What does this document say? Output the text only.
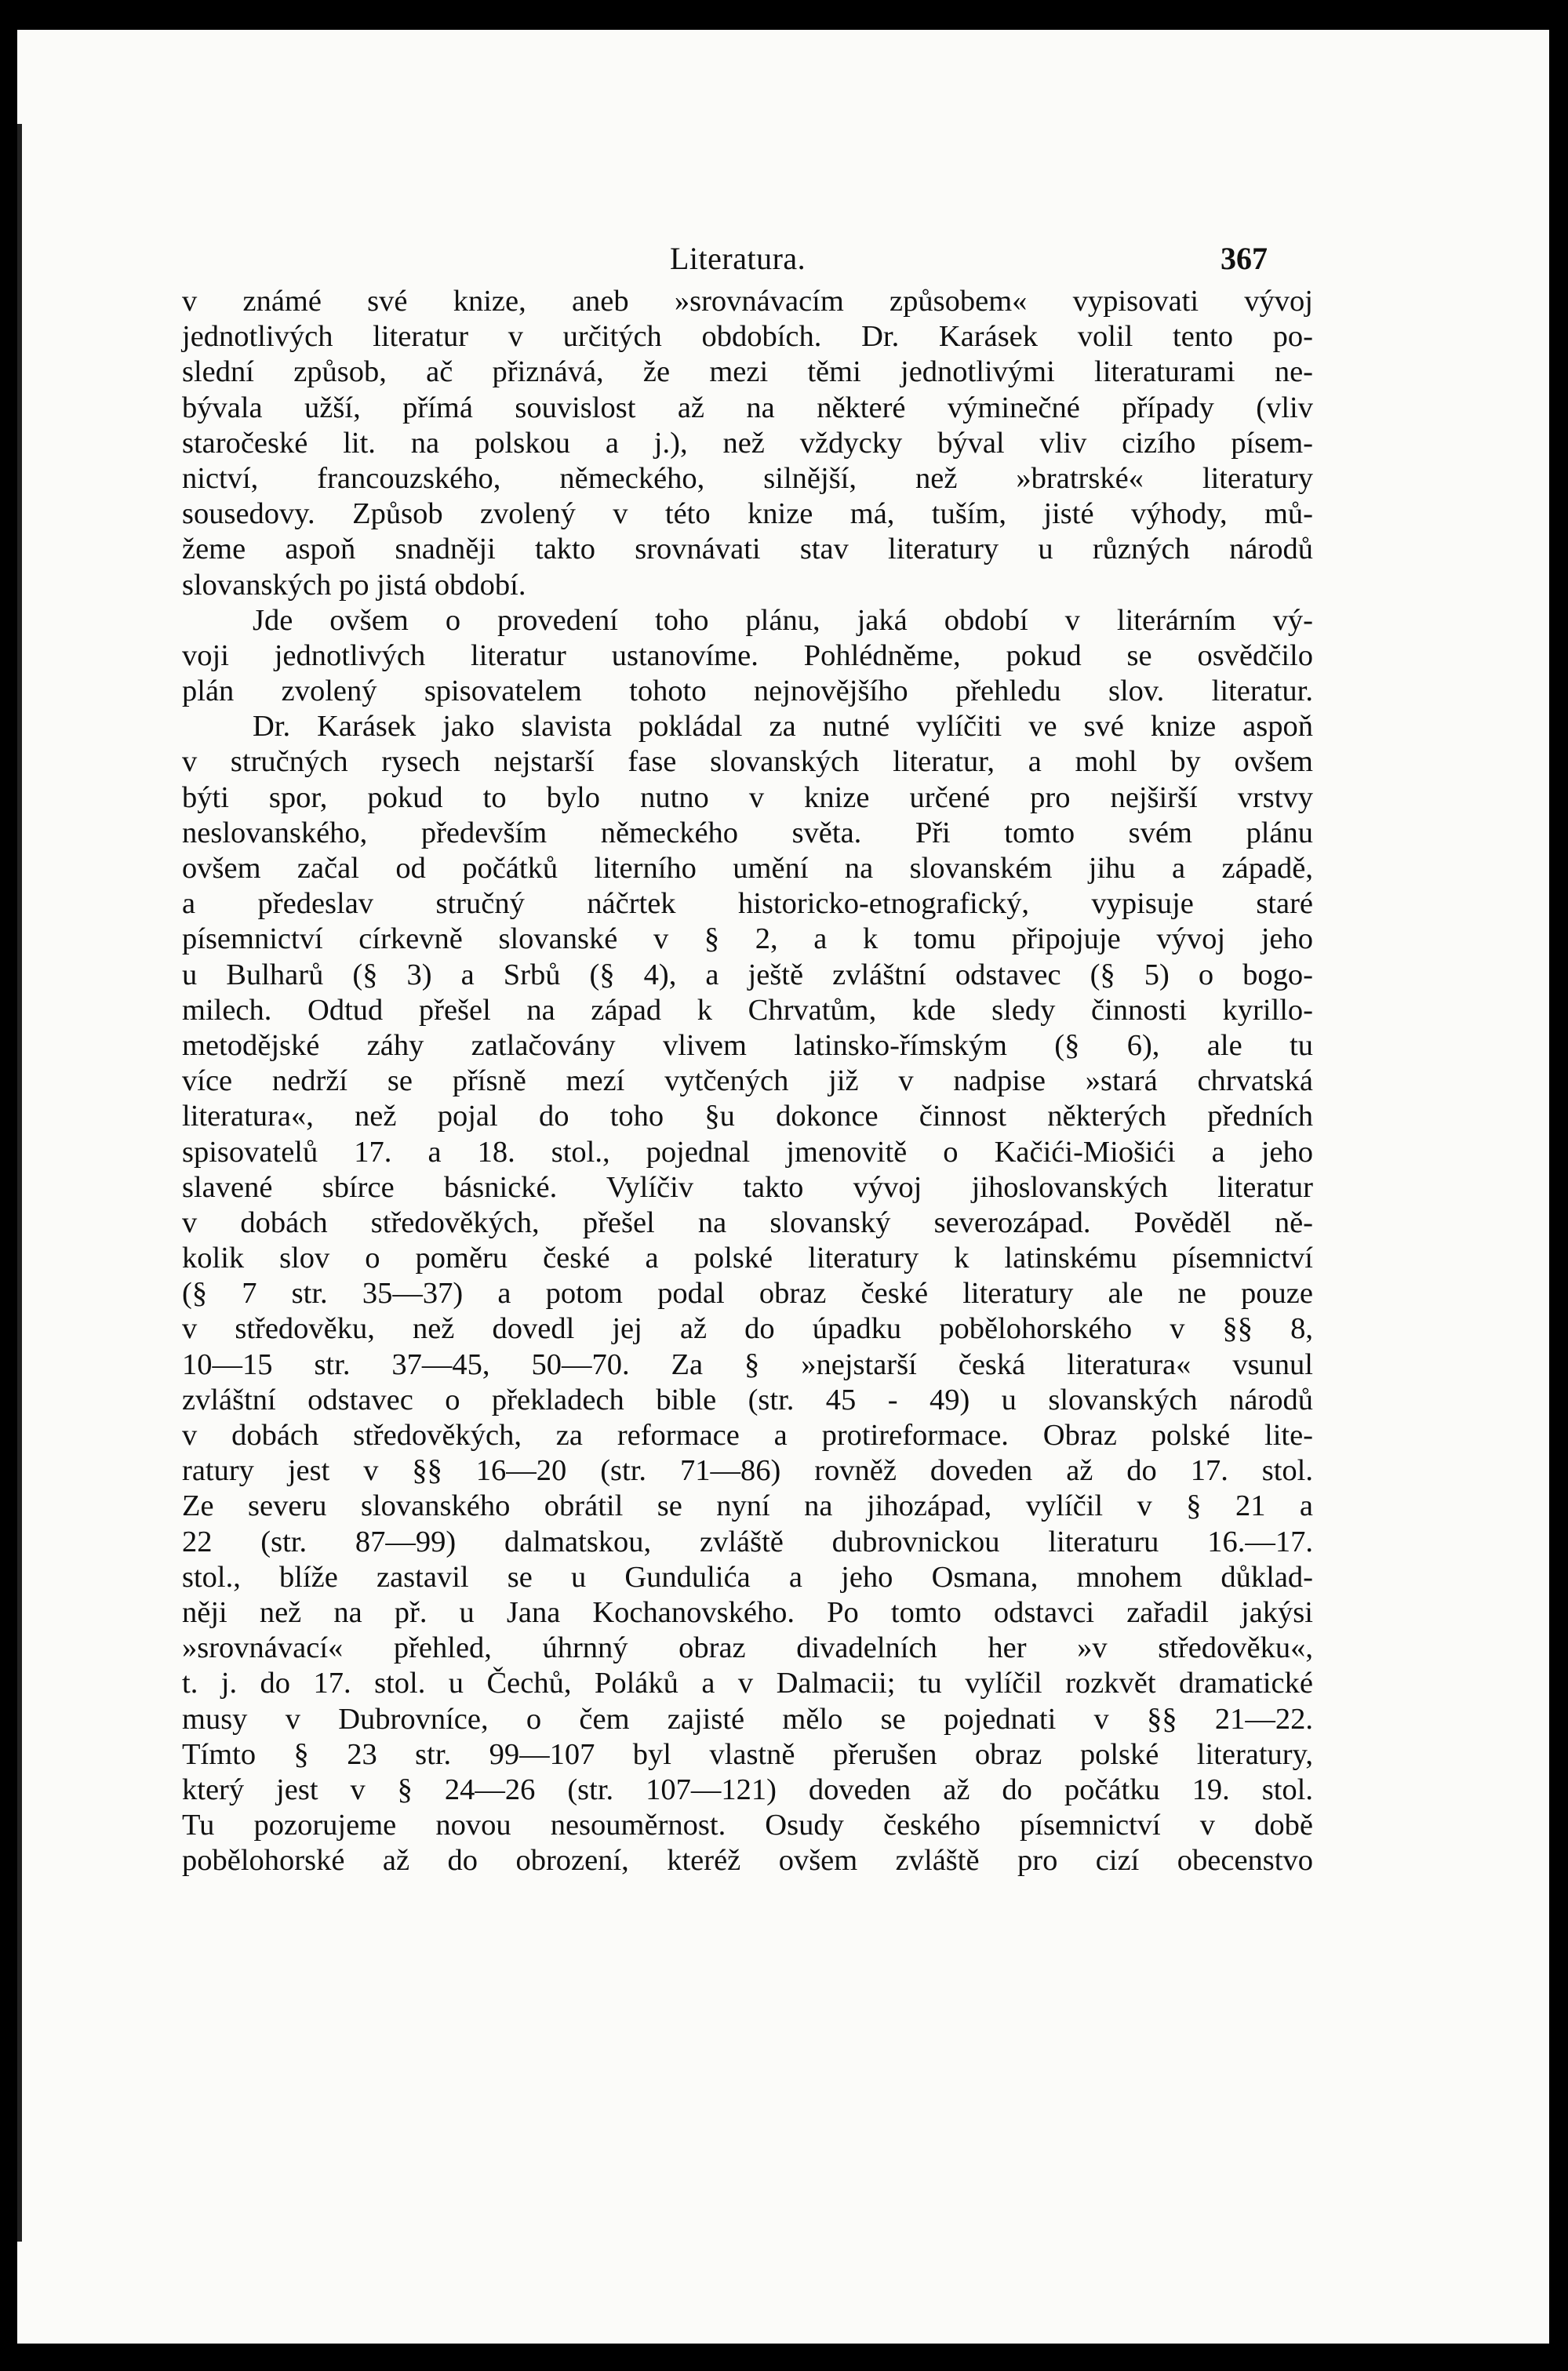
Literatura.	367
v známé své knize, aneb »srovnávacím způsobem« vypisovati vývoj
jednotlivých literatur v určitých obdobích. Dr. Karásek volil tento po-
slední způsob, ač přiznává, že mezi těmi jednotlivými literaturami ne-
bývala užší, přímá souvislost až na některé výminečné případy (vliv
staročeské lit. na polskou a j.), než vždycky býval vliv cizího písem-
nictví, francouzského, německého, silnější, než »bratrské« literatury
sousedovy. Způsob zvolený v této knize má, tuším, jisté výhody, mů-
žeme aspoň snadněji takto srovnávati stav literatury u různých národů
slovanských po jistá období.
Jde ovšem o provedení toho plánu, jaká období v literárním vý-
voji jednotlivých literatur ustanovíme. Pohlédněme, pokud se osvědčilo
plán zvolený spisovatelem tohoto nejnovějšího přehledu slov. literatur.
Dr. Karásek jako slavista pokládal za nutné vylíčiti ve své knize aspoň
v stručných rysech nejstarší fase slovanských literatur, a mohl by ovšem
býti spor, pokud to bylo nutno v knize určené pro nejširší vrstvy
neslovanského, především německého světa. Při tomto svém plánu
ovšem začal od počátků literního umění na slovanském jihu a západě,
a předeslav stručný náčrtek historicko-etnografický, vypisuje staré
písemnictví církevně slovanské v § 2, a k tomu připojuje vývoj jeho
u Bulharů (§ 3) a Srbů (§ 4), a ještě zvláštní odstavec (§ 5) o bogo-
milech. Odtud přešel na západ k Chrvatům, kde sledy činnosti kyrillo-
metodějské záhy zatlačovány vlivem latinsko-římským (§ 6), ale tu
více nedrží se přísně mezí vytčených již v nadpise »stará chrvatská
literatura«, než pojal do toho §u dokonce činnost některých předních
spisovatelů 17. a 18. stol., pojednal jmenovitě o Kačići-Miošići a jeho
slavené sbírce básnické. Vylíčiv takto vývoj jihoslovanských literatur
v dobách středověkých, přešel na slovanský severozápad. Pověděl ně-
kolik slov o poměru české a polské literatury k latinskému písemnictví
(§ 7 str. 35—37) a potom podal obraz české literatury ale ne pouze
v středověku, než dovedl jej až do úpadku pobělohorského v §§ 8,
10—15 str. 37—45, 50—70. Za § »nejstarší česká literatura« vsunul
zvláštní odstavec o překladech bible (str. 45 - 49) u slovanských národů
v dobách středověkých, za reformace a protireformace. Obraz polské lite-
ratury jest v §§ 16—20 (str. 71—86) rovněž doveden až do 17. stol.
Ze severu slovanského obrátil se nyní na jihozápad, vylíčil v § 21 a
22 (str. 87—99) dalmatskou, zvláště dubrovnickou literaturu 16.—17.
stol., blíže zastavil se u Gundulića a jeho Osmana, mnohem důklad-
něji než na př. u Jana Kochanovského. Po tomto odstavci zařadil jakýsi
»srovnávací« přehled, úhrnný obraz divadelních her »v středověku«,
t. j. do 17. stol. u Čechů, Poláků a v Dalmacii; tu vylíčil rozkvět dramatické
musy v Dubrovníce, o čem zajisté mělo se pojednati v §§ 21—22.
Tímto § 23 str. 99—107 byl vlastně přerušen obraz polské literatury,
který jest v § 24—26 (str. 107—121) doveden až do počátku 19. stol.
Tu pozorujeme novou nesouměrnost. Osudy českého písemnictví v době
pobělohorské až do obrození, kteréž ovšem zvláště pro cizí obecenstvo
